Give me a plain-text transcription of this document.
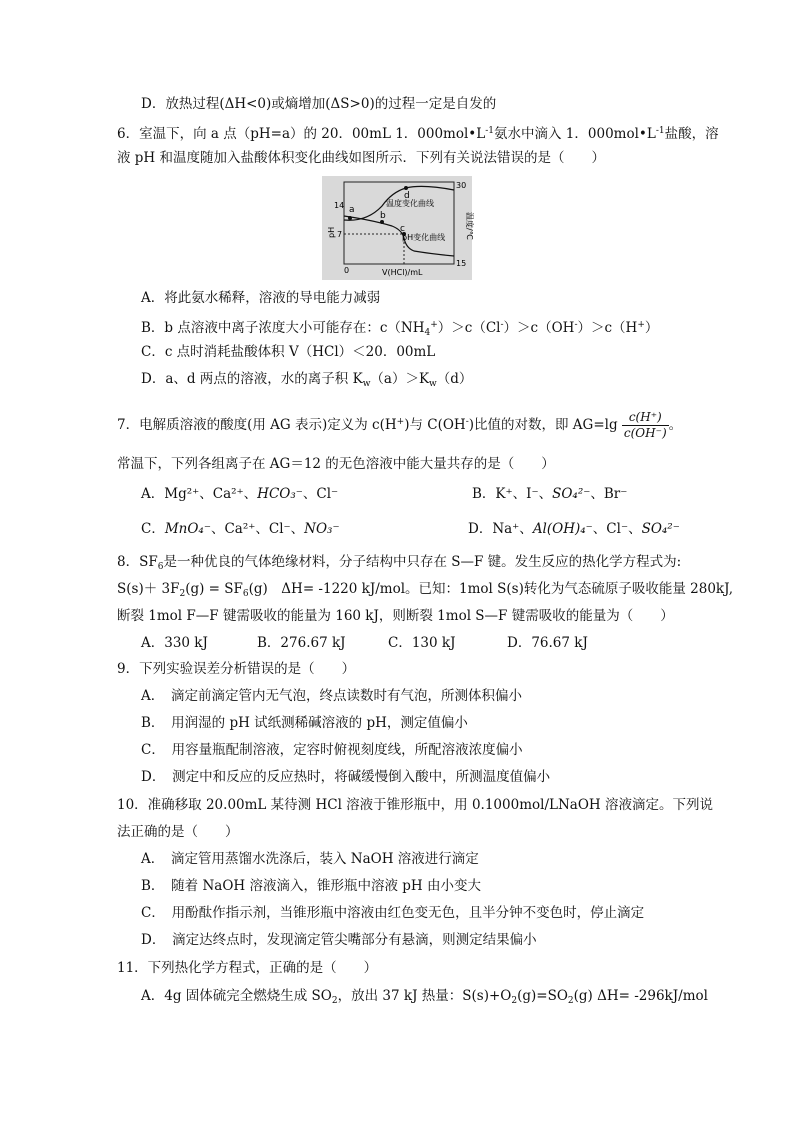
D．放热过程(ΔH<0)或熵增加(ΔS>0)的过程一定是自发的
6．室温下，向 a 点（pH=a）的 20．00mL 1．$000mol•L^{-1}$氨水中滴入 1．$000mol•L^{-1}$盐酸，溶
液 pH 和温度随加入盐酸体积变化曲线如图所示．下列有关说法错误的是（　　）
a
b
c
d
温度变化曲线
pH变化曲线
14
7
0
30
15
V(HCl)/mL
pH	温度/℃
A．将此氨水稀释，溶液的导电能力减弱
B．b 点溶液中离子浓度大小可能存在：$c(NH_4^+)>c(Cl^-)>c(OH^-)>c(H^+)$
C．c 点时消耗盐酸体积 V（HCl）＜20．00mL
D．a、d 两点的溶液，水的离子积 $K_w(a)>K_w(d)$
7．电解质溶液的酸度(用 AG 表示)定义为 c(H+)与 C(OH-)比值的对数，即 $AG=\lg \frac{c(H^+)}{c(OH^-)}$ 。
常温下，下列各组离子在 AG＝12 的无色溶液中能大量共存的是（　　）
A．Mg²⁺、Ca²⁺、HCO₃⁻、Cl⁻	B．K⁺、I⁻、SO₄²⁻、Br⁻
C．MnO₄⁻、Ca²⁺、Cl⁻、NO₃⁻	D．Na⁺、Al(OH)₄⁻、Cl⁻、SO₄²⁻
8．$SF_6$是一种优良的气体绝缘材料，分子结构中只存在 S—F 键。发生反应的热化学方程式为:
$S(s)+ 3F_2(g) = SF_6(g)$　ΔH= -1220 kJ/mol。已知：1mol S(s)转化为气态硫原子吸收能量 280kJ,
断裂 1mol F—F 键需吸收的能量为 160 kJ，则断裂 1mol S—F 键需吸收的能量为（　　）
A．330 kJ	B．276.67 kJ	C．130 kJ	D．76.67 kJ
9．下列实验误差分析错误的是（　　）
A．　滴定前滴定管内无气泡，终点读数时有气泡，所测体积偏小
B．　用润湿的 pH 试纸测稀碱溶液的 pH，测定值偏小
C．　用容量瓶配制溶液，定容时俯视刻度线，所配溶液浓度偏小
D．　测定中和反应的反应热时，将碱缓慢倒入酸中，所测温度值偏小
10．准确移取 20.00mL 某待测 HCl 溶液于锥形瓶中，用 0.1000mol/LNaOH 溶液滴定。下列说
法正确的是（　　）
A．　滴定管用蒸馏水洗涤后，装入 NaOH 溶液进行滴定
B．　随着 NaOH 溶液滴入，锥形瓶中溶液 pH 由小变大
C．　用酚酞作指示剂，当锥形瓶中溶液由红色变无色，且半分钟不变色时，停止滴定
D．　滴定达终点时，发现滴定管尖嘴部分有悬滴，则测定结果偏小
11．下列热化学方程式，正确的是（　　）
A．4g 固体硫完全燃烧生成 $SO_2$，放出 37 kJ 热量：$S(s)+O_2(g)=SO_2(g)$ ΔH= -296kJ/mol
